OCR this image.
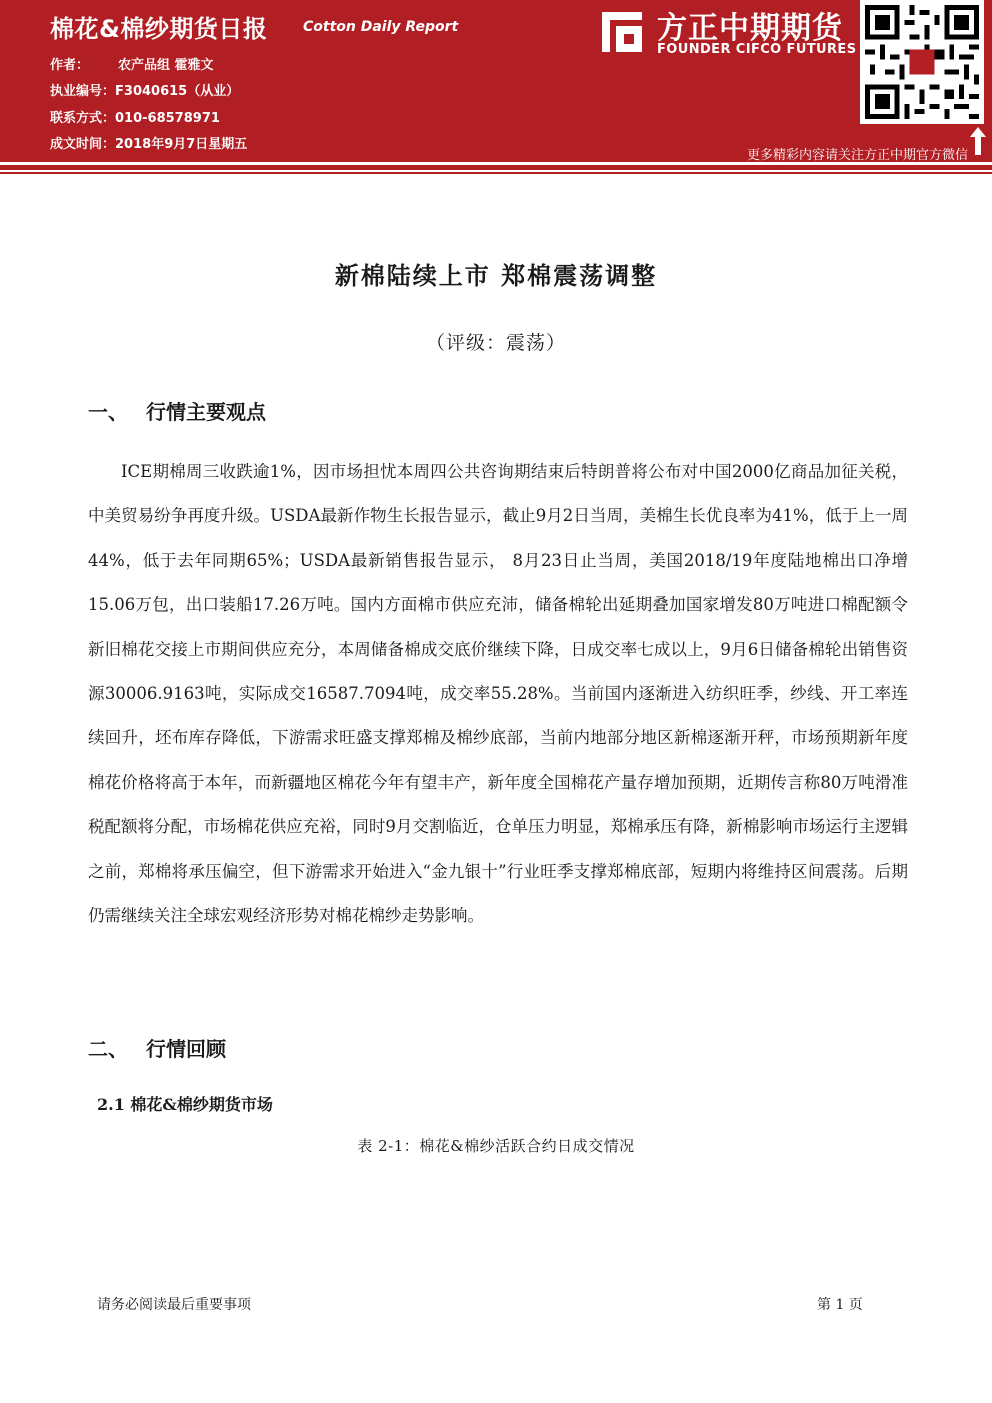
棉花&棉纱期货日报	Cotton Daily Report
作者： 农产品组 霍雅文
执业编号：F3040615（从业）
联系方式：010-68578971
成文时间：2018年9月7日星期五
方正中期期货
FOUNDER CIFCO FUTURES
更多精彩内容请关注方正中期官方微信
新棉陆续上市 郑棉震荡调整
（评级：震荡）
一、 行情主要观点
ICE期棉周三收跌逾1%，因市场担忧本周四公共咨询期结束后特朗普将公布对中国2000亿商品加征关税，中美贸易纷争再度升级。USDA最新作物生长报告显示，截止9月2日当周，美棉生长优良率为41%，低于上一周44%，低于去年同期65%；USDA最新销售报告显示， 8月23日止当周，美国2018/19年度陆地棉出口净增15.06万包，出口装船17.26万吨。国内方面棉市供应充沛，储备棉轮出延期叠加国家增发80万吨进口棉配额令新旧棉花交接上市期间供应充分，本周储备棉成交底价继续下降，日成交率七成以上，9月6日储备棉轮出销售资源30006.9163吨，实际成交16587.7094吨，成交率55.28%。当前国内逐渐进入纺织旺季，纱线、开工率连续回升，坯布库存降低，下游需求旺盛支撑郑棉及棉纱底部，当前内地部分地区新棉逐渐开秤，市场预期新年度棉花价格将高于本年，而新疆地区棉花今年有望丰产，新年度全国棉花产量存增加预期，近期传言称80万吨滑准税配额将分配，市场棉花供应充裕，同时9月交割临近，仓单压力明显，郑棉承压有降，新棉影响市场运行主逻辑之前，郑棉将承压偏空，但下游需求开始进入“金九银十”行业旺季支撑郑棉底部，短期内将维持区间震荡。后期仍需继续关注全球宏观经济形势对棉花棉纱走势影响。
二、 行情回顾
2.1 棉花&棉纱期货市场
表 2-1：棉花&棉纱活跃合约日成交情况
请务必阅读最后重要事项	第 1 页
